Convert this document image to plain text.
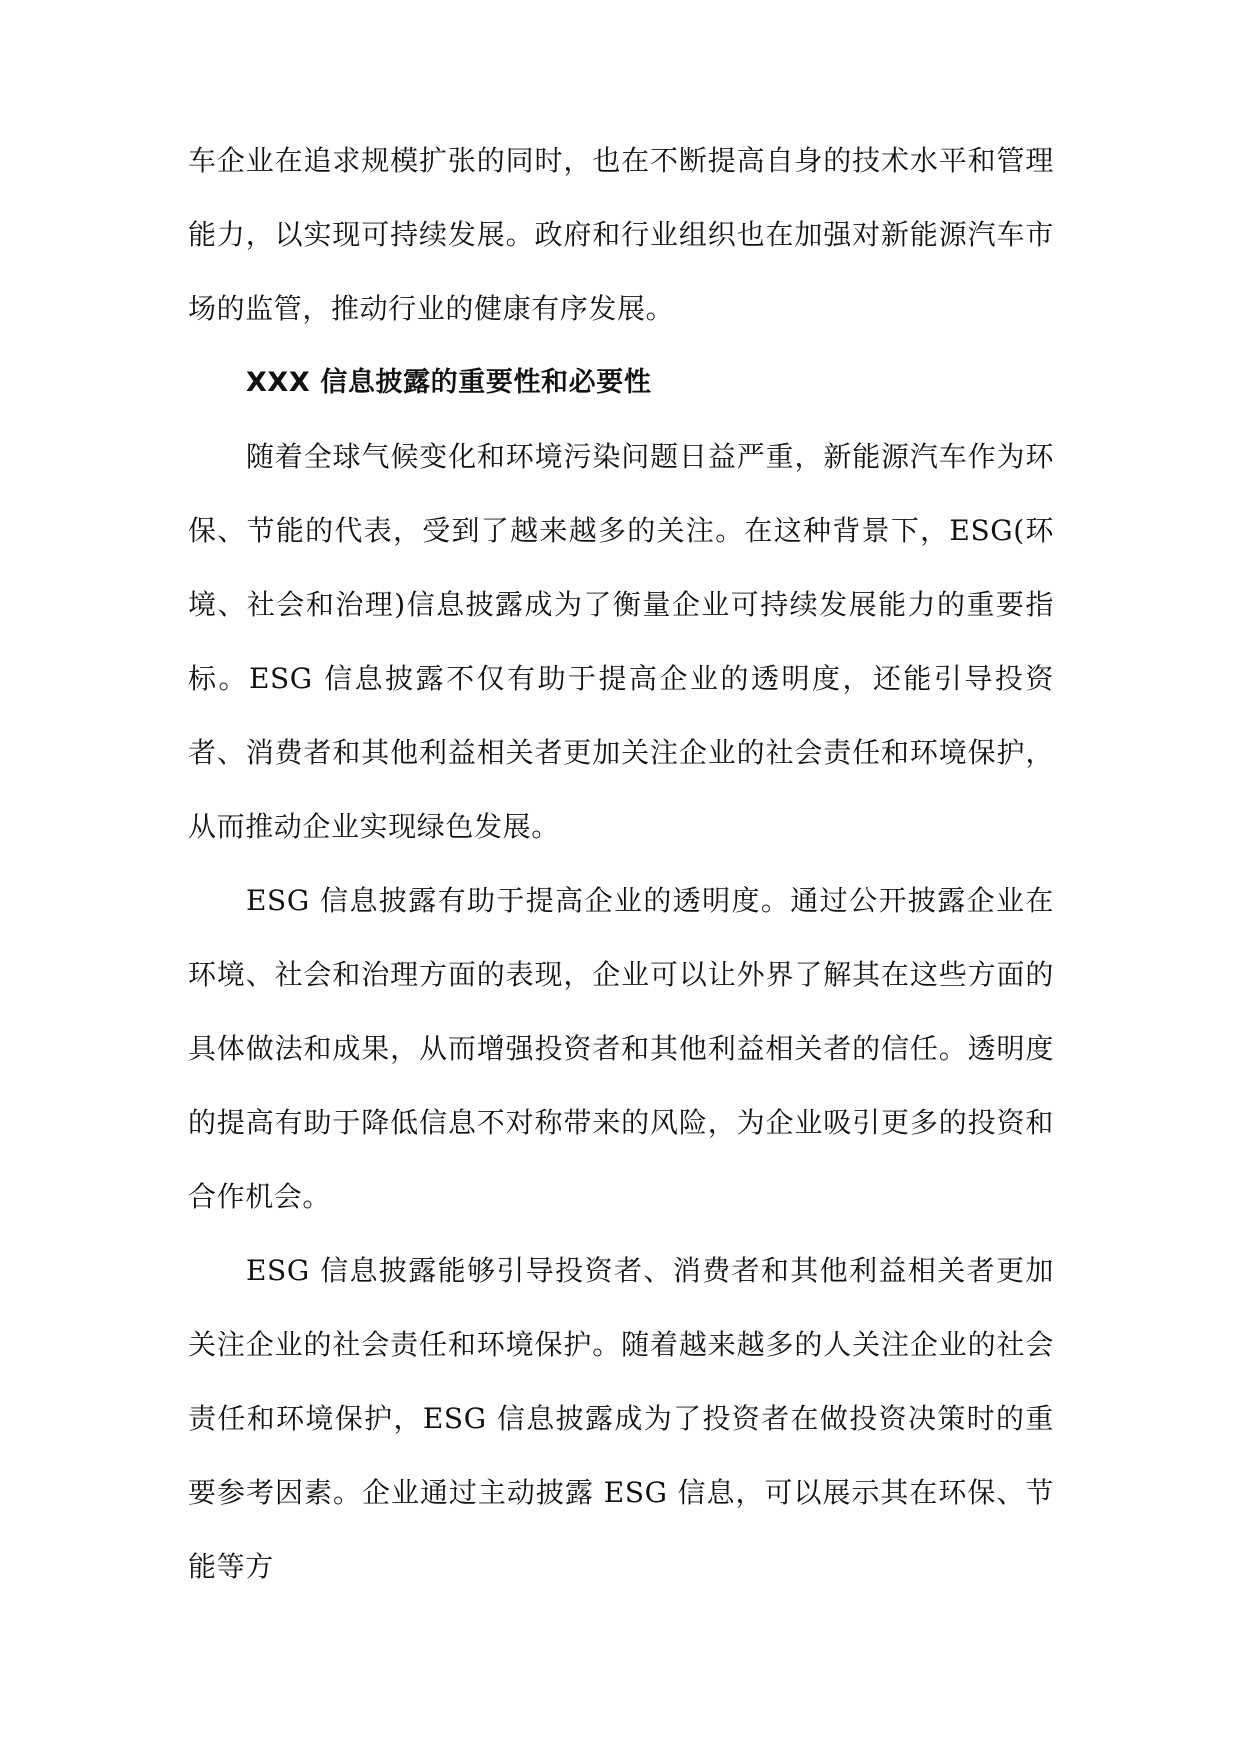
车企业在追求规模扩张的同时，也在不断提高自身的技术水平和管理能力，以实现可持续发展。政府和行业组织也在加强对新能源汽车市场的监管，推动行业的健康有序发展。

XXX 信息披露的重要性和必要性

随着全球气候变化和环境污染问题日益严重，新能源汽车作为环保、节能的代表，受到了越来越多的关注。在这种背景下，ESG(环境、社会和治理)信息披露成为了衡量企业可持续发展能力的重要指标。ESG 信息披露不仅有助于提高企业的透明度，还能引导投资者、消费者和其他利益相关者更加关注企业的社会责任和环境保护，从而推动企业实现绿色发展。

ESG 信息披露有助于提高企业的透明度。通过公开披露企业在环境、社会和治理方面的表现，企业可以让外界了解其在这些方面的具体做法和成果，从而增强投资者和其他利益相关者的信任。透明度的提高有助于降低信息不对称带来的风险，为企业吸引更多的投资和合作机会。

ESG 信息披露能够引导投资者、消费者和其他利益相关者更加关注企业的社会责任和环境保护。随着越来越多的人关注企业的社会责任和环境保护，ESG 信息披露成为了投资者在做投资决策时的重要参考因素。企业通过主动披露 ESG 信息，可以展示其在环保、节能等方
